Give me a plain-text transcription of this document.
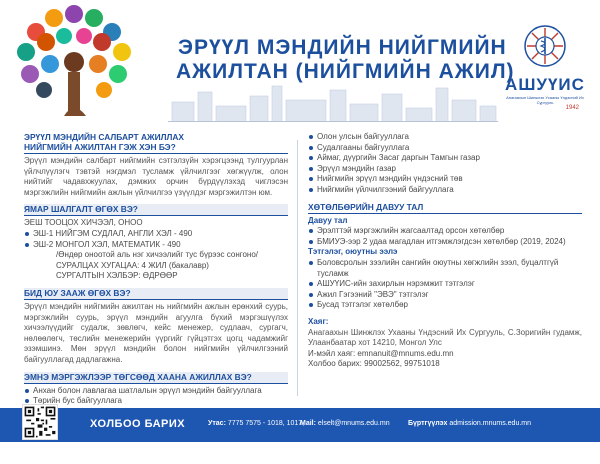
ЭРҮҮЛ МЭНДИЙН НИЙГМИЙН
АЖИЛТАН (НИЙГМИЙН АЖИЛ)
АШУҮИС
Анагаахын Шинжлэх Ухааны Үндэсний Их Сургууль
1942
ЭРҮҮЛ МЭНДИЙН САЛБАРТ АЖИЛЛАХ
НИЙГМИЙН АЖИЛТАН ГЭЖ ХЭН БЭ?
Эрүүл мэндийн салбарт нийгмийн сэтгэлзүйн хэрэгцээнд тулгуурлан үйлчлүүлэгч тэвтэй нэгдмэл тусламж үйлчилгээг хөгжүүлж, олон нийтийг чадавхжуулах, дэмжих орчин бүрдүүлэхэд чиглэсэн мэргэжлийн нийгмийн ажлын үйлчилгээ үзүүлдэг мэргэжилтэн юм.
ЯМАР ШАЛГАЛТ ӨГӨХ ВЭ?
ЭЕШ ТООЦОХ ХИЧЭЭЛ, ОНОО
ЭШ-1 НИЙГЭМ СУДЛАЛ, АНГЛИ ХЭЛ - 490
ЭШ-2 МОНГОЛ ХЭЛ, МАТЕМАТИК - 490
/Өндөр оноотой аль нэг хичээлийг тус бүрээс сонгоно/
СУРАЛЦАХ ХУГАЦАА: 4 ЖИЛ (бакалавр)
СУРГАЛТЫН ХЭЛБЭР: ӨДРӨӨР
БИД ЮУ ЗААЖ ӨГӨХ ВЭ?
Эрүүл мэндийн нийгмийн ажилтан нь нийгмийн ажлын ерөнхий суурь, мэргэжлийн суурь, эрүүл мэндийн агуулга бүхий мэргэшүүлэх хичээлүүдийг судалж, зөвлөгч, кейс менежер, судлаач, сургагч, нөлөөлөгч, төслийн менежерийн үүргийг гүйцэтгэх цогц чадамжийг эзэмшинэ. Мөн эрүүл мэндийн болон нийгмийн үйлчилгээний байгууллагад дадлагажна.
ЭМНЭ МЭРГЭЖЛЭЭР ТӨГСӨӨД ХААНА АЖИЛЛАХ ВЭ?
Анхан болон лавлагаа шатлалын эрүүл мэндийн байгууллага
Төрийн бус байгууллага
Олон улсын байгууллага
Судалгааны байгууллага
Аймаг, дүүргийн Засаг даргын Тамгын газар
Эрүүл мэндийн газар
Нийгмийн эрүүл мэндийн үндэсний төв
Нийгмийн үйлчилгээний байгууллага
ХӨТӨЛБӨРИЙН ДАВУУ ТАЛ
Давуу тал
Эрэлттэй мэргэжлийн жагсаалтад орсон хөтөлбөр
БМИУЭ-ээр 2 удаа магадлан итгэмжлэгдсэн хөтөлбөр (2019, 2024)
Тэтгэлэг, оюутны ээлэ
Боловсролын зээлийн сангийн оюутны хөгжлийн зээл, буцалтгүй тусламж
АШУҮИС-ийн захирлын нэрэмжит тэтгэлэг
Ажил Гэгээний "ЭВЭ" тэтгэлэг
Бусад тэтгэлэг хөтөлбөр
Хаяг:
Анагаахын Шинжлэх Ухааны Үндэсний Их Сургууль, С.Зоригийн гудамж, Улаанбаатар хот 14210, Монгол Улс
И-мэйл хаяг: emnanuit@mnums.edu.mn
Холбоо барих: 99002562, 99751018
ХОЛБОО БАРИХ	Утас: 7775 7575 - 1018, 1017,
Mail: elselt@mnums.edu.mn	Бүртгүүлэх admission.mnums.edu.mn
